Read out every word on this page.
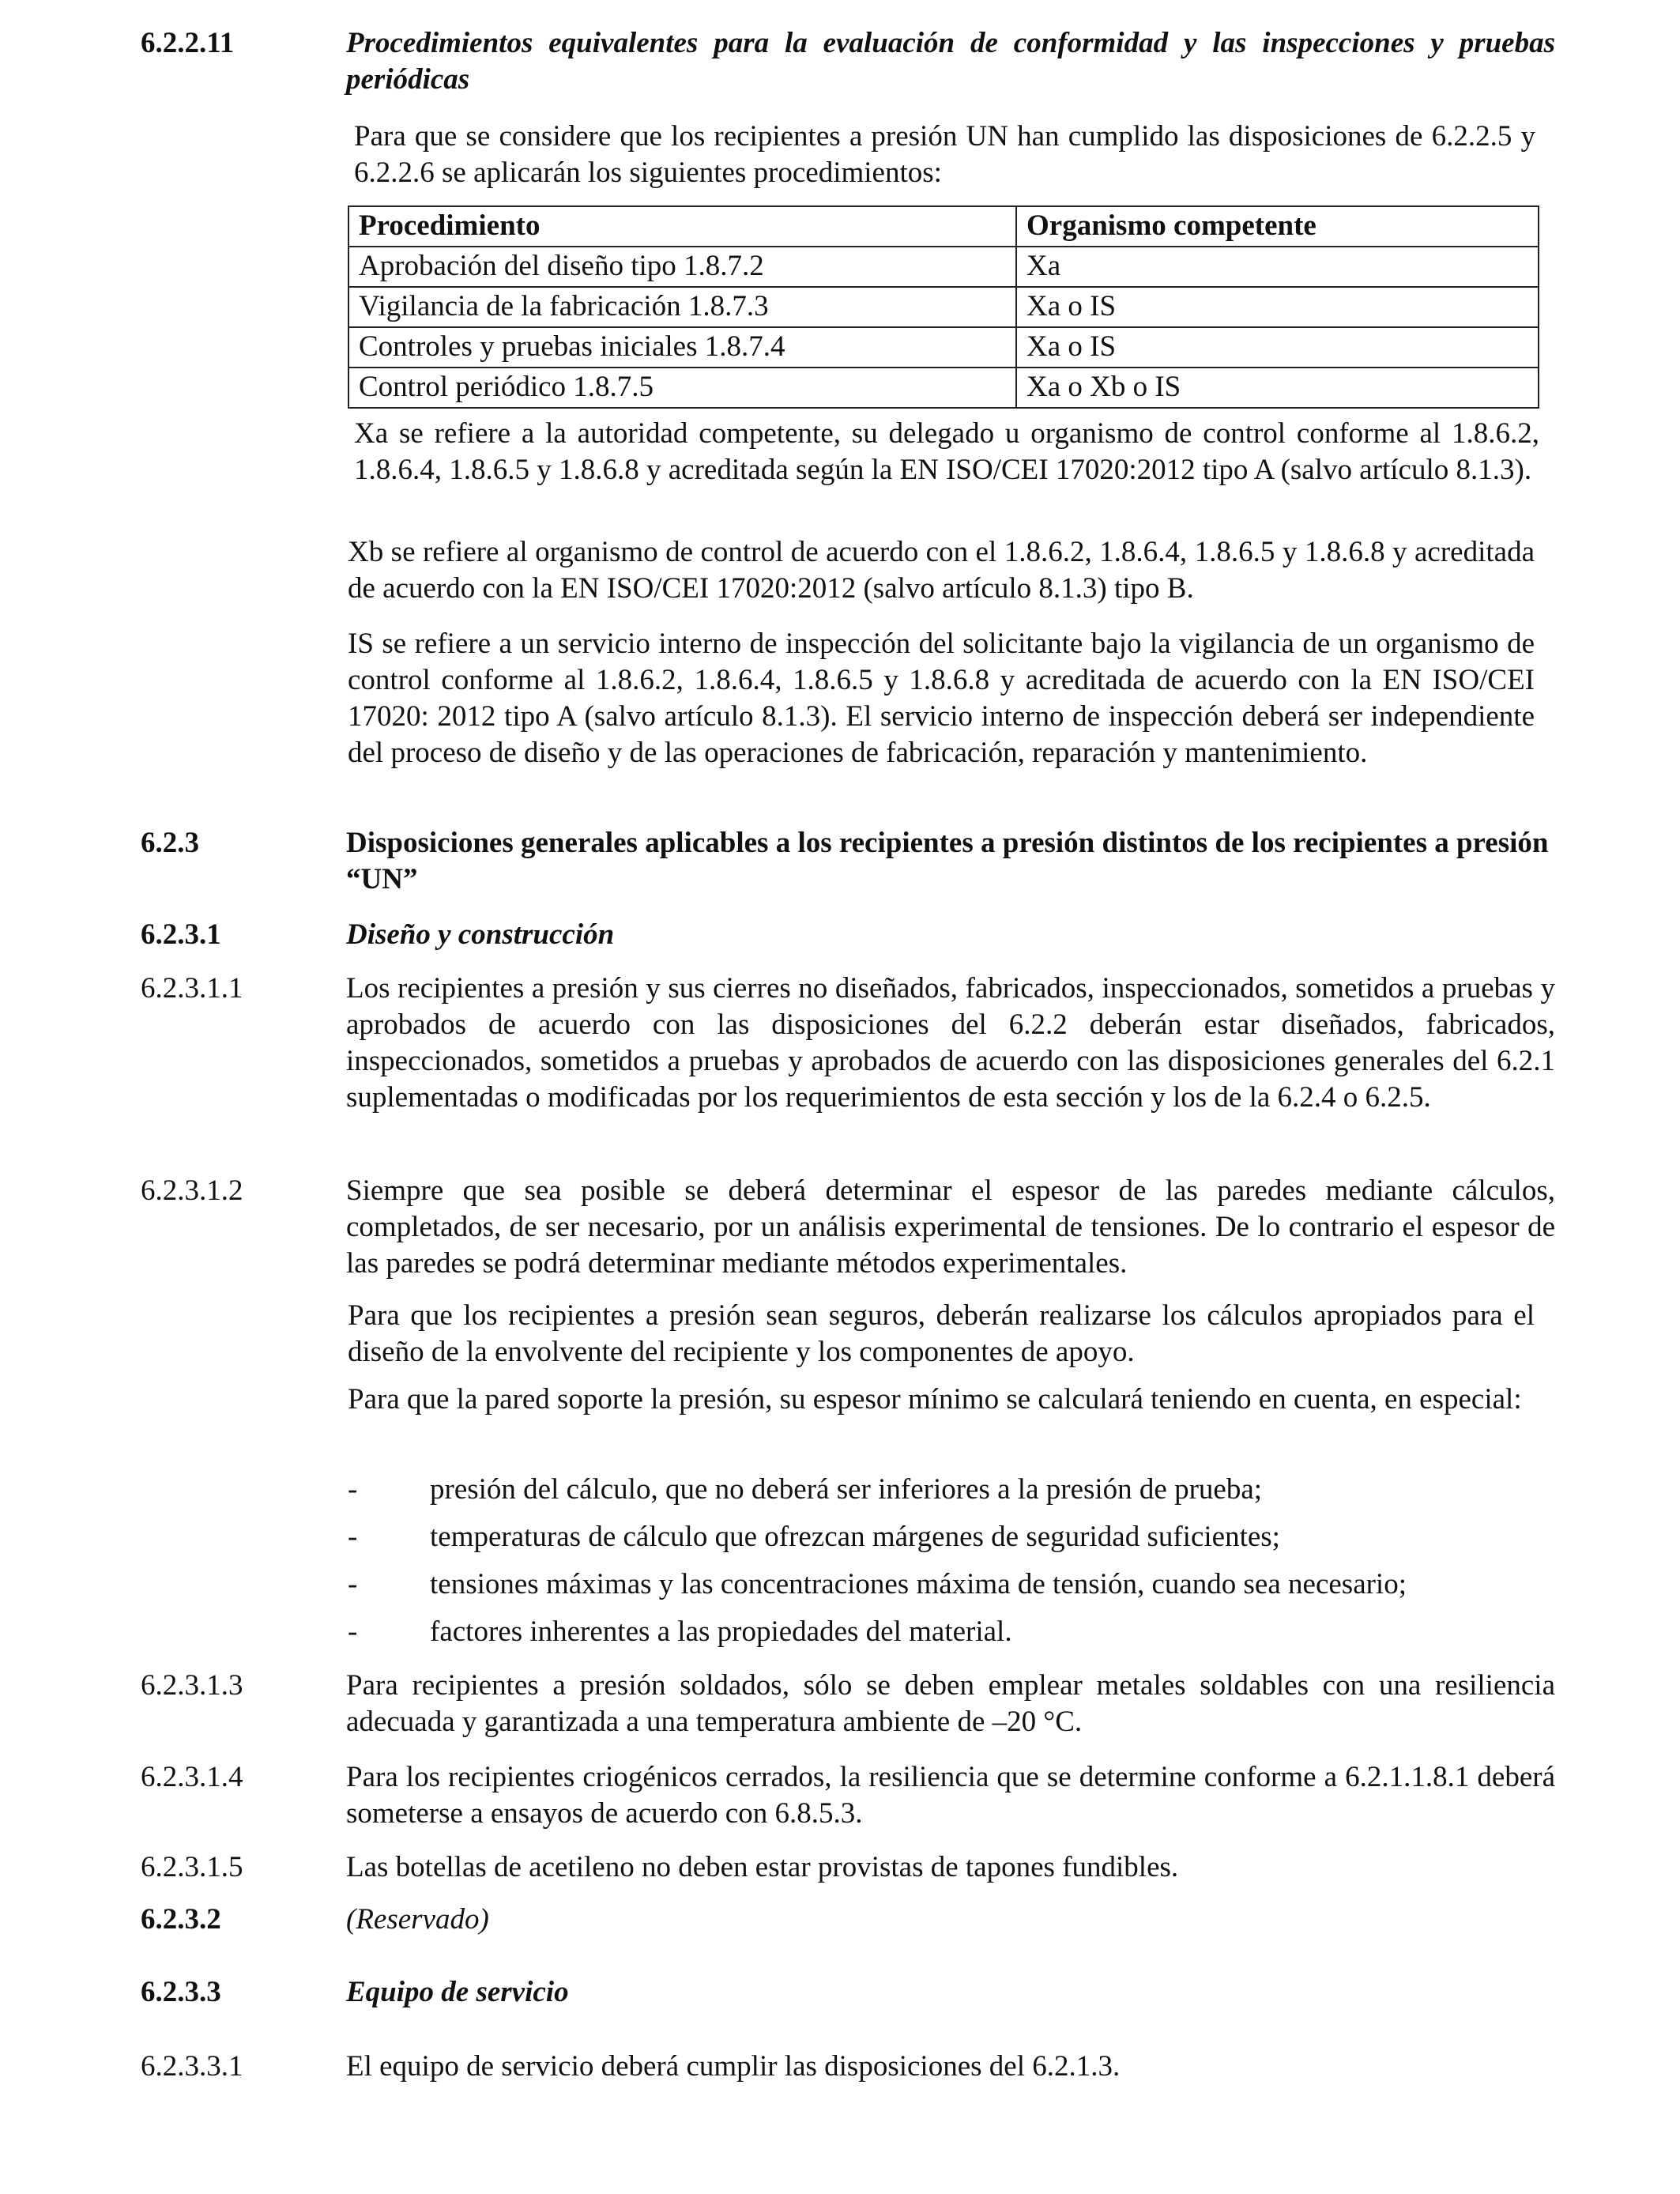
6.2.2.11	Procedimientos equivalentes para la evaluación de conformidad y las inspecciones y pruebas periódicas

Para que se considere que los recipientes a presión UN han cumplido las disposiciones de 6.2.2.5 y 6.2.2.6 se aplicarán los siguientes procedimientos:

Procedimiento	Organismo competente
Aprobación del diseño tipo 1.8.7.2	Xa
Vigilancia de la fabricación 1.8.7.3	Xa o IS
Controles y pruebas iniciales 1.8.7.4	Xa o IS
Control periódico 1.8.7.5	Xa o Xb o IS

Xa se refiere a la autoridad competente, su delegado u organismo de control conforme al 1.8.6.2, 1.8.6.4, 1.8.6.5 y 1.8.6.8 y acreditada según la EN ISO/CEI 17020:2012 tipo A (salvo artículo 8.1.3).

Xb se refiere al organismo de control de acuerdo con el 1.8.6.2, 1.8.6.4, 1.8.6.5 y 1.8.6.8 y acreditada de acuerdo con la EN ISO/CEI 17020:2012 (salvo artículo 8.1.3) tipo B.

IS se refiere a un servicio interno de inspección del solicitante bajo la vigilancia de un organismo de control conforme al 1.8.6.2, 1.8.6.4, 1.8.6.5 y 1.8.6.8 y acreditada de acuerdo con la EN ISO/CEI 17020: 2012 tipo A (salvo artículo 8.1.3). El servicio interno de inspección deberá ser independiente del proceso de diseño y de las operaciones de fabricación, reparación y mantenimiento.

6.2.3	Disposiciones generales aplicables a los recipientes a presión distintos de los recipientes a presión “UN”

6.2.3.1	Diseño y construcción

6.2.3.1.1	Los recipientes a presión y sus cierres no diseñados, fabricados, inspeccionados, sometidos a pruebas y aprobados de acuerdo con las disposiciones del 6.2.2 deberán estar diseñados, fabricados, inspeccionados, sometidos a pruebas y aprobados de acuerdo con las disposiciones generales del 6.2.1 suplementadas o modificadas por los requerimientos de esta sección y los de la 6.2.4 o 6.2.5.

6.2.3.1.2	Siempre que sea posible se deberá determinar el espesor de las paredes mediante cálculos, completados, de ser necesario, por un análisis experimental de tensiones. De lo contrario el espesor de las paredes se podrá determinar mediante métodos experimentales.

Para que los recipientes a presión sean seguros, deberán realizarse los cálculos apropiados para el diseño de la envolvente del recipiente y los componentes de apoyo.

Para que la pared soporte la presión, su espesor mínimo se calculará teniendo en cuenta, en especial:

- presión del cálculo, que no deberá ser inferiores a la presión de prueba;
- temperaturas de cálculo que ofrezcan márgenes de seguridad suficientes;
- tensiones máximas y las concentraciones máxima de tensión, cuando sea necesario;
- factores inherentes a las propiedades del material.
6.2.3.1.3	Para recipientes a presión soldados, sólo se deben emplear metales soldables con una resiliencia adecuada y garantizada a una temperatura ambiente de –20 °C.

6.2.3.1.4	Para los recipientes criogénicos cerrados, la resiliencia que se determine conforme a 6.2.1.1.8.1 deberá someterse a ensayos de acuerdo con 6.8.5.3.

6.2.3.1.5	Las botellas de acetileno no deben estar provistas de tapones fundibles.

6.2.3.2	(Reservado)

6.2.3.3	Equipo de servicio

6.2.3.3.1	El equipo de servicio deberá cumplir las disposiciones del 6.2.1.3.
